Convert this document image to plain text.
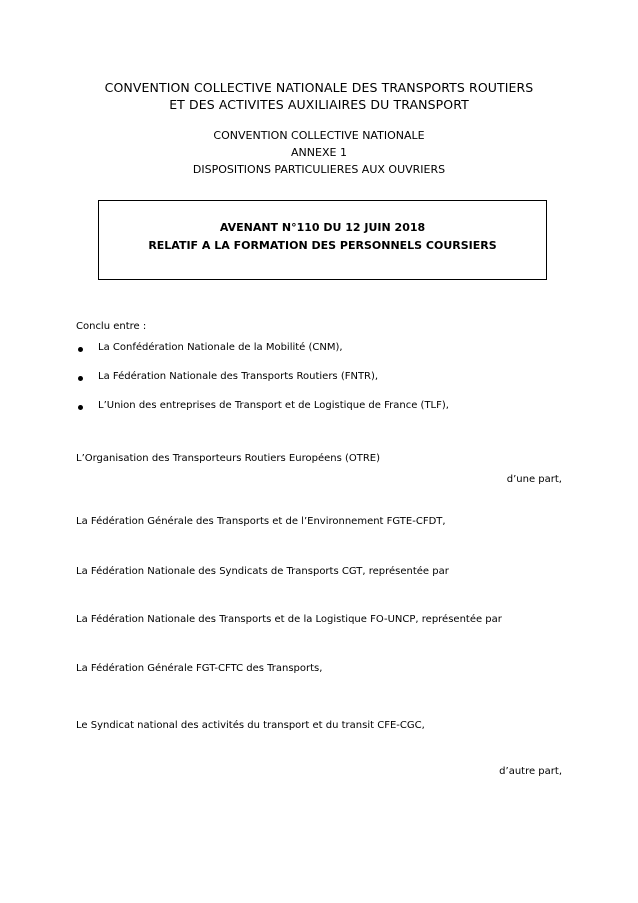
CONVENTION COLLECTIVE NATIONALE DES TRANSPORTS ROUTIERS
ET DES ACTIVITES AUXILIAIRES DU TRANSPORT
CONVENTION COLLECTIVE NATIONALE
ANNEXE 1
DISPOSITIONS PARTICULIERES AUX OUVRIERS
AVENANT N°110 DU 12 JUIN 2018
RELATIF A LA FORMATION DES PERSONNELS COURSIERS
Conclu entre :
La Confédération Nationale de la Mobilité (CNM),
La Fédération Nationale des Transports Routiers (FNTR),
L’Union des entreprises de Transport et de Logistique de France (TLF),
L’Organisation des Transporteurs Routiers Européens (OTRE)
d’une part,
La Fédération Générale des Transports et de l’Environnement FGTE-CFDT,
La Fédération Nationale des Syndicats de Transports CGT, représentée par
La Fédération Nationale des Transports et de la Logistique FO-UNCP, représentée par
La Fédération Générale FGT-CFTC des Transports,
Le Syndicat national des activités du transport et du transit CFE-CGC,
d’autre part,
